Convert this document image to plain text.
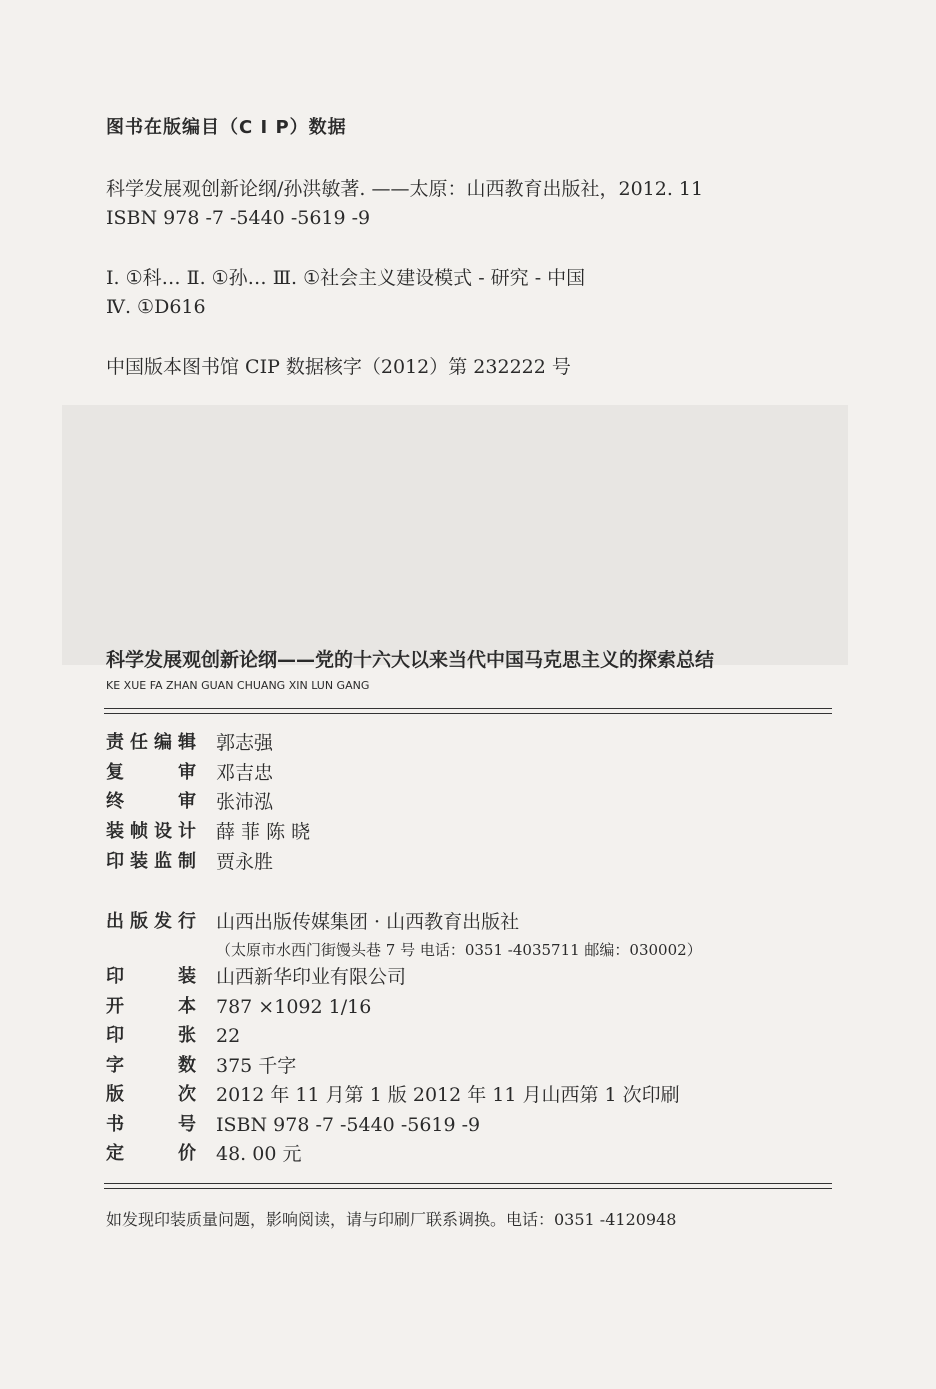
图书在版编目（C I P）数据
科学发展观创新论纲/孙洪敏著. ——太原：山西教育出版社，2012. 11
ISBN 978 -7 -5440 -5619 -9
Ⅰ. ①科… Ⅱ. ①孙… Ⅲ. ①社会主义建设模式 - 研究 - 中国
Ⅳ. ①D616
中国版本图书馆 CIP 数据核字（2012）第 232222 号
科学发展观创新论纲——党的十六大以来当代中国马克思主义的探索总结
KE XUE FA ZHAN GUAN CHUANG XIN LUN GANG
责任编辑 郭志强
复审 邓吉忠
终审 张沛泓
装帧设计 薛 菲 陈 晓
印装监制 贾永胜
出版发行 山西出版传媒集团 · 山西教育出版社
（太原市水西门街馒头巷 7 号 电话：0351 -4035711 邮编：030002）
印装 山西新华印业有限公司
开本 787 ×1092 1/16
印张 22
字数 375 千字
版次 2012 年 11 月第 1 版 2012 年 11 月山西第 1 次印刷
书号 ISBN 978 -7 -5440 -5619 -9
定价 48. 00 元
如发现印装质量问题，影响阅读，请与印刷厂联系调换。电话：0351 -4120948
